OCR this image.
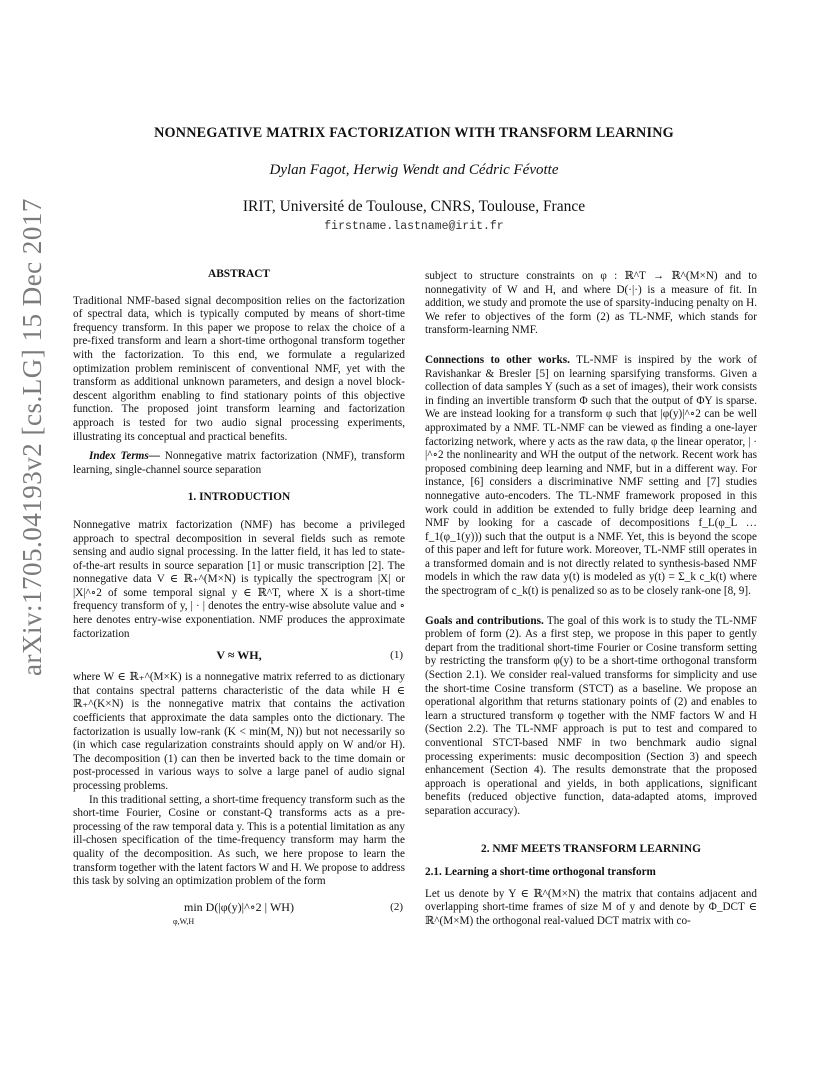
arXiv:1705.04193v2 [cs.LG] 15 Dec 2017
NONNEGATIVE MATRIX FACTORIZATION WITH TRANSFORM LEARNING
Dylan Fagot, Herwig Wendt and Cédric Févotte
IRIT, Université de Toulouse, CNRS, Toulouse, France
firstname.lastname@irit.fr

ABSTRACT

Traditional NMF-based signal decomposition relies on the factorization of spectral data, which is typically computed by means of short-time frequency transform. In this paper we propose to relax the choice of a pre-fixed transform and learn a short-time orthogonal transform together with the factorization. To this end, we formulate a regularized optimization problem reminiscent of conventional NMF, yet with the transform as additional unknown parameters, and design a novel block-descent algorithm enabling to find stationary points of this objective function. The proposed joint transform learning and factorization approach is tested for two audio signal processing experiments, illustrating its conceptual and practical benefits.

Index Terms— Nonnegative matrix factorization (NMF), transform learning, single-channel source separation

1. INTRODUCTION

Nonnegative matrix factorization (NMF) has become a privileged approach to spectral decomposition in several fields such as remote sensing and audio signal processing. In the latter field, it has led to state-of-the-art results in source separation [1] or music transcription [2]. The nonnegative data V ∈ ℝ₊^(M×N) is typically the spectrogram |X| or |X|^∘2 of some temporal signal y ∈ ℝ^T, where X is a short-time frequency transform of y, | · | denotes the entry-wise absolute value and ∘ here denotes entry-wise exponentiation. NMF produces the approximate factorization

V ≈ WH,	(1)

where W ∈ ℝ₊^(M×K) is a nonnegative matrix referred to as dictionary that contains spectral patterns characteristic of the data while H ∈ ℝ₊^(K×N) is the nonnegative matrix that contains the activation coefficients that approximate the data samples onto the dictionary. The factorization is usually low-rank (K < min(M, N)) but not necessarily so (in which case regularization constraints should apply on W and/or H). The decomposition (1) can then be inverted back to the time domain or post-processed in various ways to solve a large panel of audio signal processing problems.

In this traditional setting, a short-time frequency transform such as the short-time Fourier, Cosine or constant-Q transforms acts as a pre-processing of the raw temporal data y. This is a potential limitation as any ill-chosen specification of the time-frequency transform may harm the quality of the decomposition. As such, we here propose to learn the transform together with the latent factors W and H. We propose to address this task by solving an optimization problem of the form

min D(|φ(y)|^∘2 | WH)
φ,W,H
(2)

subject to structure constraints on φ : ℝ^T → ℝ^(M×N) and to nonnegativity of W and H, and where D(·|·) is a measure of fit. In addition, we study and promote the use of sparsity-inducing penalty on H. We refer to objectives of the form (2) as TL-NMF, which stands for transform-learning NMF.

Connections to other works. TL-NMF is inspired by the work of Ravishankar & Bresler [5] on learning sparsifying transforms. Given a collection of data samples Y (such as a set of images), their work consists in finding an invertible transform Φ such that the output of ΦY is sparse. We are instead looking for a transform φ such that |φ(y)|^∘2 can be well approximated by a NMF. TL-NMF can be viewed as finding a one-layer factorizing network, where y acts as the raw data, φ the linear operator, | · |^∘2 the nonlinearity and WH the output of the network. Recent work has proposed combining deep learning and NMF, but in a different way. For instance, [6] considers a discriminative NMF setting and [7] studies nonnegative auto-encoders. The TL-NMF framework proposed in this work could in addition be extended to fully bridge deep learning and NMF by looking for a cascade of decompositions f_L(φ_L … f_1(φ_1(y))) such that the output is a NMF. Yet, this is beyond the scope of this paper and left for future work. Moreover, TL-NMF still operates in a transformed domain and is not directly related to synthesis-based NMF models in which the raw data y(t) is modeled as y(t) = Σ_k c_k(t) where the spectrogram of c_k(t) is penalized so as to be closely rank-one [8, 9].

Goals and contributions. The goal of this work is to study the TL-NMF problem of form (2). As a first step, we propose in this paper to gently depart from the traditional short-time Fourier or Cosine transform setting by restricting the transform φ(y) to be a short-time orthogonal transform (Section 2.1). We consider real-valued transforms for simplicity and use the short-time Cosine transform (STCT) as a baseline. We propose an operational algorithm that returns stationary points of (2) and enables to learn a structured transform φ together with the NMF factors W and H (Section 2.2). The TL-NMF approach is put to test and compared to conventional STCT-based NMF in two benchmark audio signal processing experiments: music decomposition (Section 3) and speech enhancement (Section 4). The results demonstrate that the proposed approach is operational and yields, in both applications, significant benefits (reduced objective function, data-adapted atoms, improved separation accuracy).

2. NMF MEETS TRANSFORM LEARNING

2.1. Learning a short-time orthogonal transform

Let us denote by Y ∈ ℝ^(M×N) the matrix that contains adjacent and overlapping short-time frames of size M of y and denote by Φ_DCT ∈ ℝ^(M×M) the orthogonal real-valued DCT matrix with co-
